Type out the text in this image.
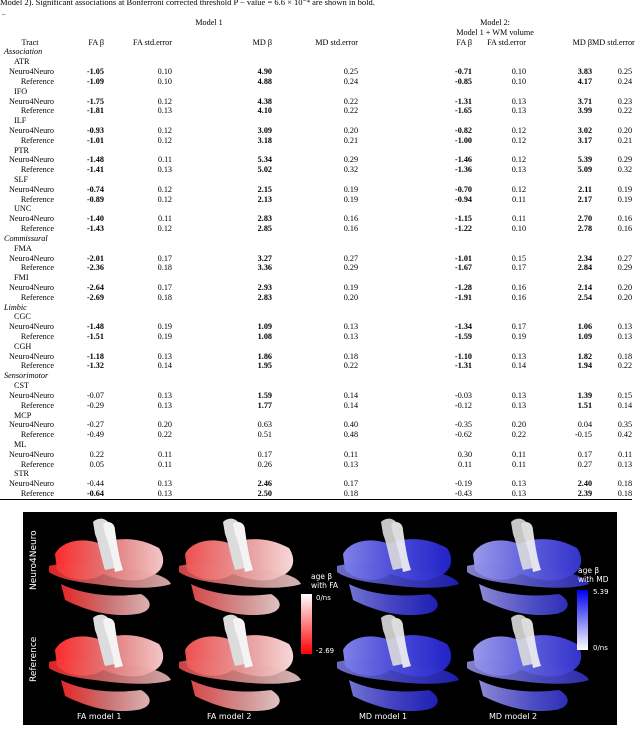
Model 2). Significant associations at Bonferroni corrected threshold P − value = 6.6 × 10⁻⁴ are shown in bold.
–
	Model 1				Model 2:			
					Model 1 + WM volume			
Tract	FA β	FA std.error	MD β	MD std.error	FA β	FA std.error	MD β	MD std.error
Association								
ATR								
Neuro4Neuro	-1.05	0.10	4.90	0.25	-0.71	0.10	3.83	0.25
Reference	-1.09	0.10	4.88	0.24	-0.85	0.10	4.17	0.24
IFO								
Neuro4Neuro	-1.75	0.12	4.38	0.22	-1.31	0.13	3.71	0.23
Reference	-1.81	0.13	4.10	0.22	-1.65	0.13	3.99	0.22
ILF								
Neuro4Neuro	-0.93	0.12	3.09	0.20	-0.82	0.12	3.02	0.20
Reference	-1.01	0.12	3.18	0.21	-1.00	0.12	3.17	0.21
PTR								
Neuro4Neuro	-1.48	0.11	5.34	0.29	-1.46	0.12	5.39	0.29
Reference	-1.41	0.13	5.02	0.32	-1.36	0.13	5.09	0.32
SLF								
Neuro4Neuro	-0.74	0.12	2.15	0.19	-0.70	0.12	2.11	0.19
Reference	-0.89	0.12	2.13	0.19	-0.94	0.11	2.17	0.19
UNC								
Neuro4Neuro	-1.40	0.11	2.83	0.16	-1.15	0.11	2.70	0.16
Reference	-1.43	0.12	2.85	0.16	-1.22	0.10	2.78	0.16
Commissural								
FMA								
Neuro4Neuro	-2.01	0.17	3.27	0.27	-1.01	0.15	2.34	0.27
Reference	-2.36	0.18	3.36	0.29	-1.67	0.17	2.84	0.29
FMI								
Neuro4Neuro	-2.64	0.17	2.93	0.19	-1.28	0.16	2.14	0.20
Reference	-2.69	0.18	2.83	0.20	-1.91	0.16	2.54	0.20
Limbic								
CGC								
Neuro4Neuro	-1.48	0.19	1.09	0.13	-1.34	0.17	1.06	0.13
Reference	-1.51	0.19	1.08	0.13	-1.59	0.19	1.09	0.13
CGH								
Neuro4Neuro	-1.18	0.13	1.86	0.18	-1.10	0.13	1.82	0.18
Reference	-1.32	0.14	1.95	0.22	-1.31	0.14	1.94	0.22
Sensorimotor								
CST								
Neuro4Neuro	-0.07	0.13	1.59	0.14	-0.03	0.13	1.39	0.15
Reference	-0.29	0.13	1.77	0.14	-0.12	0.13	1.51	0.14
MCP								
Neuro4Neuro	-0.27	0.20	0.63	0.40	-0.35	0.20	0.04	0.35
Reference	-0.49	0.22	0.51	0.48	-0.62	0.22	-0.15	0.42
ML								
Neuro4Neuro	0.22	0.11	0.17	0.11	0.30	0.11	0.17	0.11
Reference	0.05	0.11	0.26	0.13	0.11	0.11	0.27	0.13
STR								
Neuro4Neuro	-0.44	0.13	2.46	0.17	-0.19	0.13	2.40	0.18
Reference	-0.64	0.13	2.50	0.18	-0.43	0.13	2.39	0.18
Neuro4Neuro
Reference
FA model 1	FA model 2	MD model 1	MD model 2
age β
with FA
0/ns
-2.69
age β
with MD
5.39
0/ns
